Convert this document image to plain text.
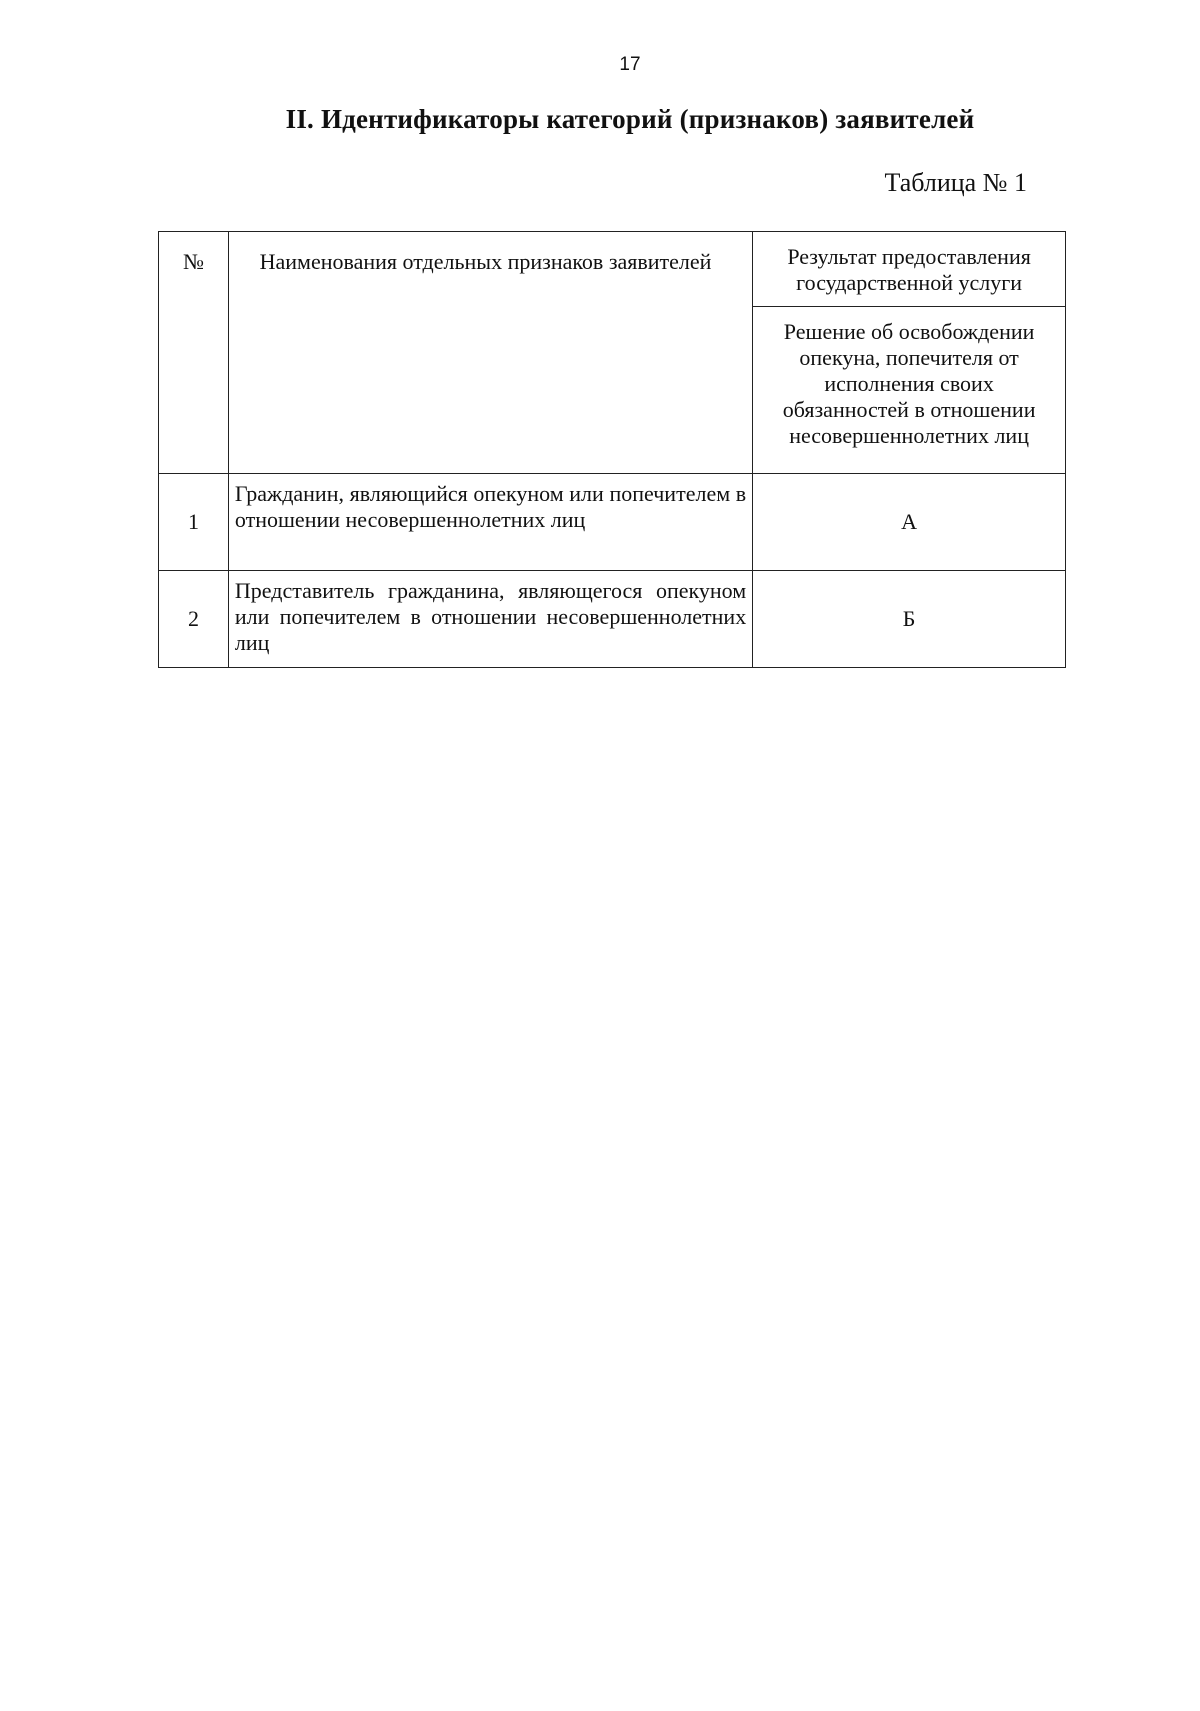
17
II. Идентификаторы категорий (признаков) заявителей
Таблица № 1
№	Наименования отдельных признаков заявителей	Результат предоставления государственной услуги
		Решение об освобождении опекуна, попечителя от исполнения своих обязанностей в отношении несовершеннолетних лиц
1	Гражданин, являющийся опекуном или попечителем в отношении несовершеннолетних лиц	А
2	Представитель гражданина, являющегося опекуном или попечителем в отношении несовершеннолетних лиц	Б
